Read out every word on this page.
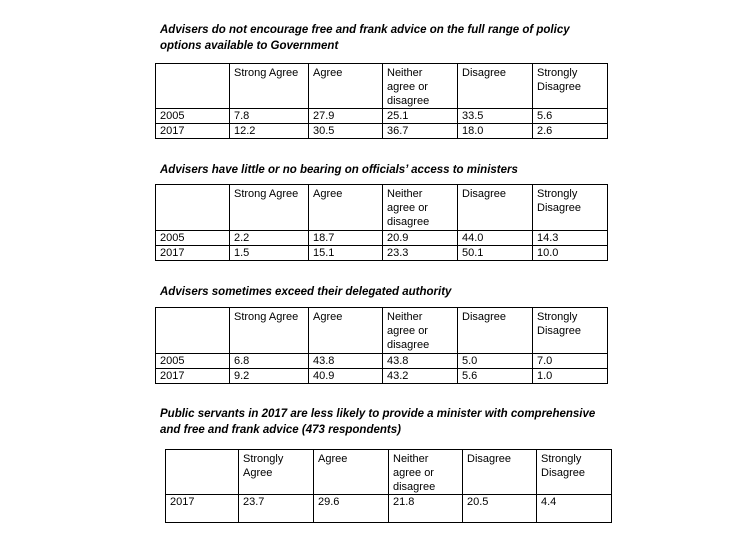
Advisers do not encourage free and frank advice on the full range of policy options available to Government

	Strong Agree	Agree	Neither agree or disagree	Disagree	Strongly Disagree
2005	7.8	27.9	25.1	33.5	5.6
2017	12.2	30.5	36.7	18.0	2.6

Advisers have little or no bearing on officials’ access to ministers

	Strong Agree	Agree	Neither agree or disagree	Disagree	Strongly Disagree
2005	2.2	18.7	20.9	44.0	14.3
2017	1.5	15.1	23.3	50.1	10.0

Advisers sometimes exceed their delegated authority

	Strong Agree	Agree	Neither agree or disagree	Disagree	Strongly Disagree
2005	6.8	43.8	43.8	5.0	7.0
2017	9.2	40.9	43.2	5.6	1.0

Public servants in 2017 are less likely to provide a minister with comprehensive and free and frank advice (473 respondents)

	Strongly Agree	Agree	Neither agree or disagree	Disagree	Strongly Disagree
2017	23.7	29.6	21.8	20.5	4.4
